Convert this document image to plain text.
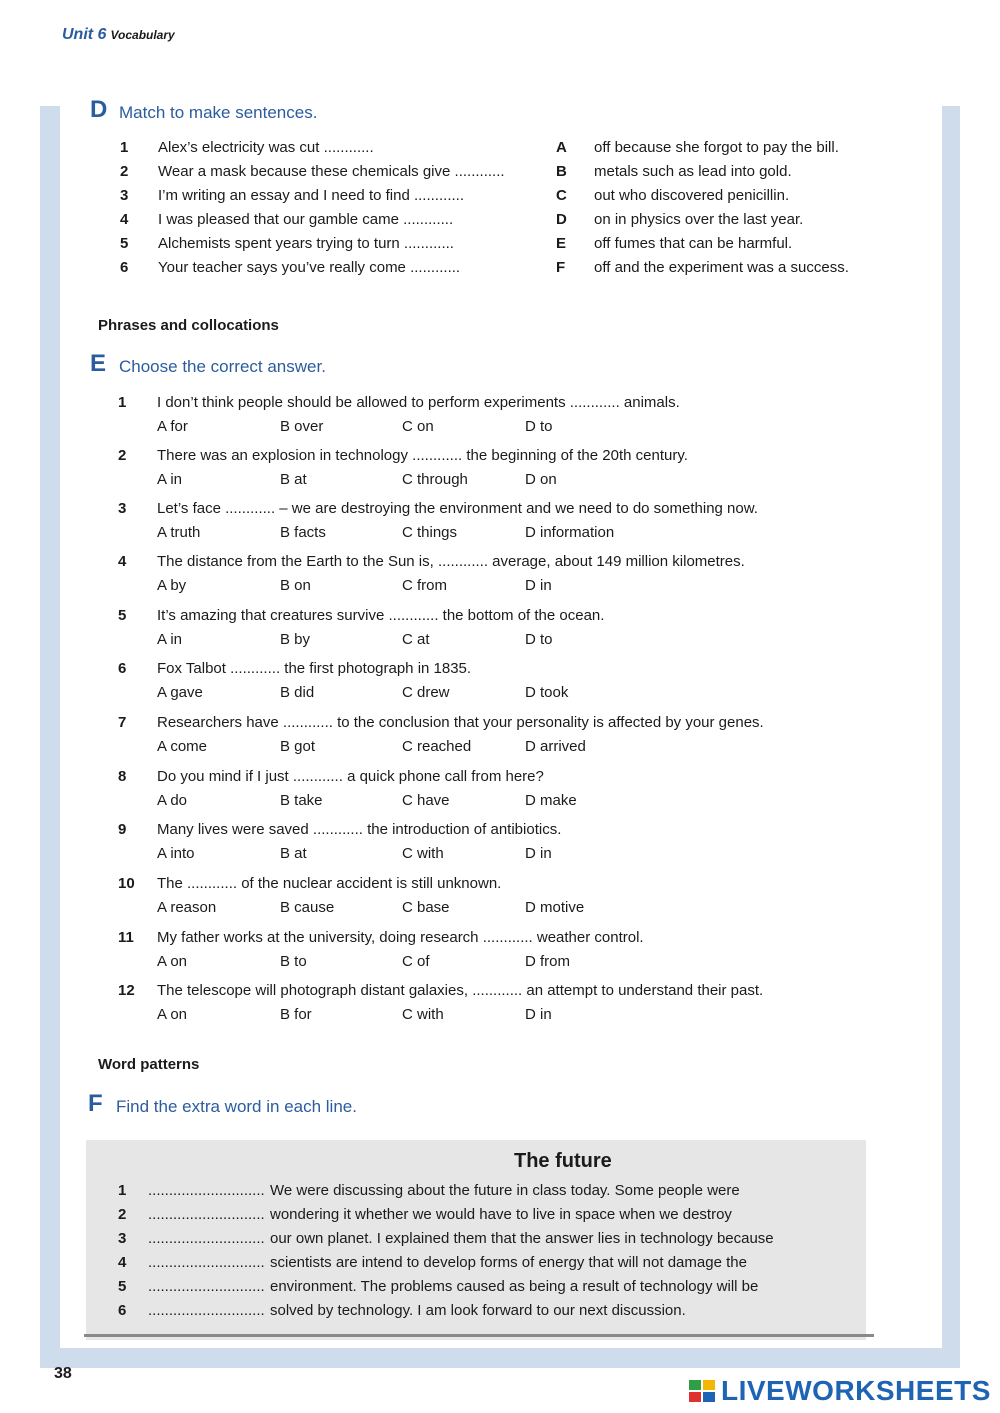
Unit 6 Vocabulary
D Match to make sentences.
1 Alex’s electricity was cut ............	A off because she forgot to pay the bill.
2 Wear a mask because these chemicals give ............	B metals such as lead into gold.
3 I’m writing an essay and I need to find ............	C out who discovered penicillin.
4 I was pleased that our gamble came ............	D on in physics over the last year.
5 Alchemists spent years trying to turn ............	E off fumes that can be harmful.
6 Your teacher says you’ve really come ............	F off and the experiment was a success.
Phrases and collocations
E Choose the correct answer.
1 I don’t think people should be allowed to perform experiments ............ animals.
A for	B over	C on	D to
2 There was an explosion in technology ............ the beginning of the 20th century.
A in	B at	C through	D on
3 Let’s face ............ – we are destroying the environment and we need to do something now.
A truth	B facts	C things	D information
4 The distance from the Earth to the Sun is, ............ average, about 149 million kilometres.
A by	B on	C from	D in
5 It’s amazing that creatures survive ............ the bottom of the ocean.
A in	B by	C at	D to
6 Fox Talbot ............ the first photograph in 1835.
A gave	B did	C drew	D took
7 Researchers have ............ to the conclusion that your personality is affected by your genes.
A come	B got	C reached	D arrived
8 Do you mind if I just ............ a quick phone call from here?
A do	B take	C have	D make
9 Many lives were saved ............ the introduction of antibiotics.
A into	B at	C with	D in
10 The ............ of the nuclear accident is still unknown.
A reason	B cause	C base	D motive
11 My father works at the university, doing research ............ weather control.
A on	B to	C of	D from
12 The telescope will photograph distant galaxies, ............ an attempt to understand their past.
A on	B for	C with	D in
Word patterns
F Find the extra word in each line.
The future
1 ............................ We were discussing about the future in class today. Some people were
2 ............................ wondering it whether we would have to live in space when we destroy
3 ............................ our own planet. I explained them that the answer lies in technology because
4 ............................ scientists are intend to develop forms of energy that will not damage the
5 ............................ environment. The problems caused as being a result of technology will be
6 ............................ solved by technology. I am look forward to our next discussion.
38
LIVEWORKSHEETS
